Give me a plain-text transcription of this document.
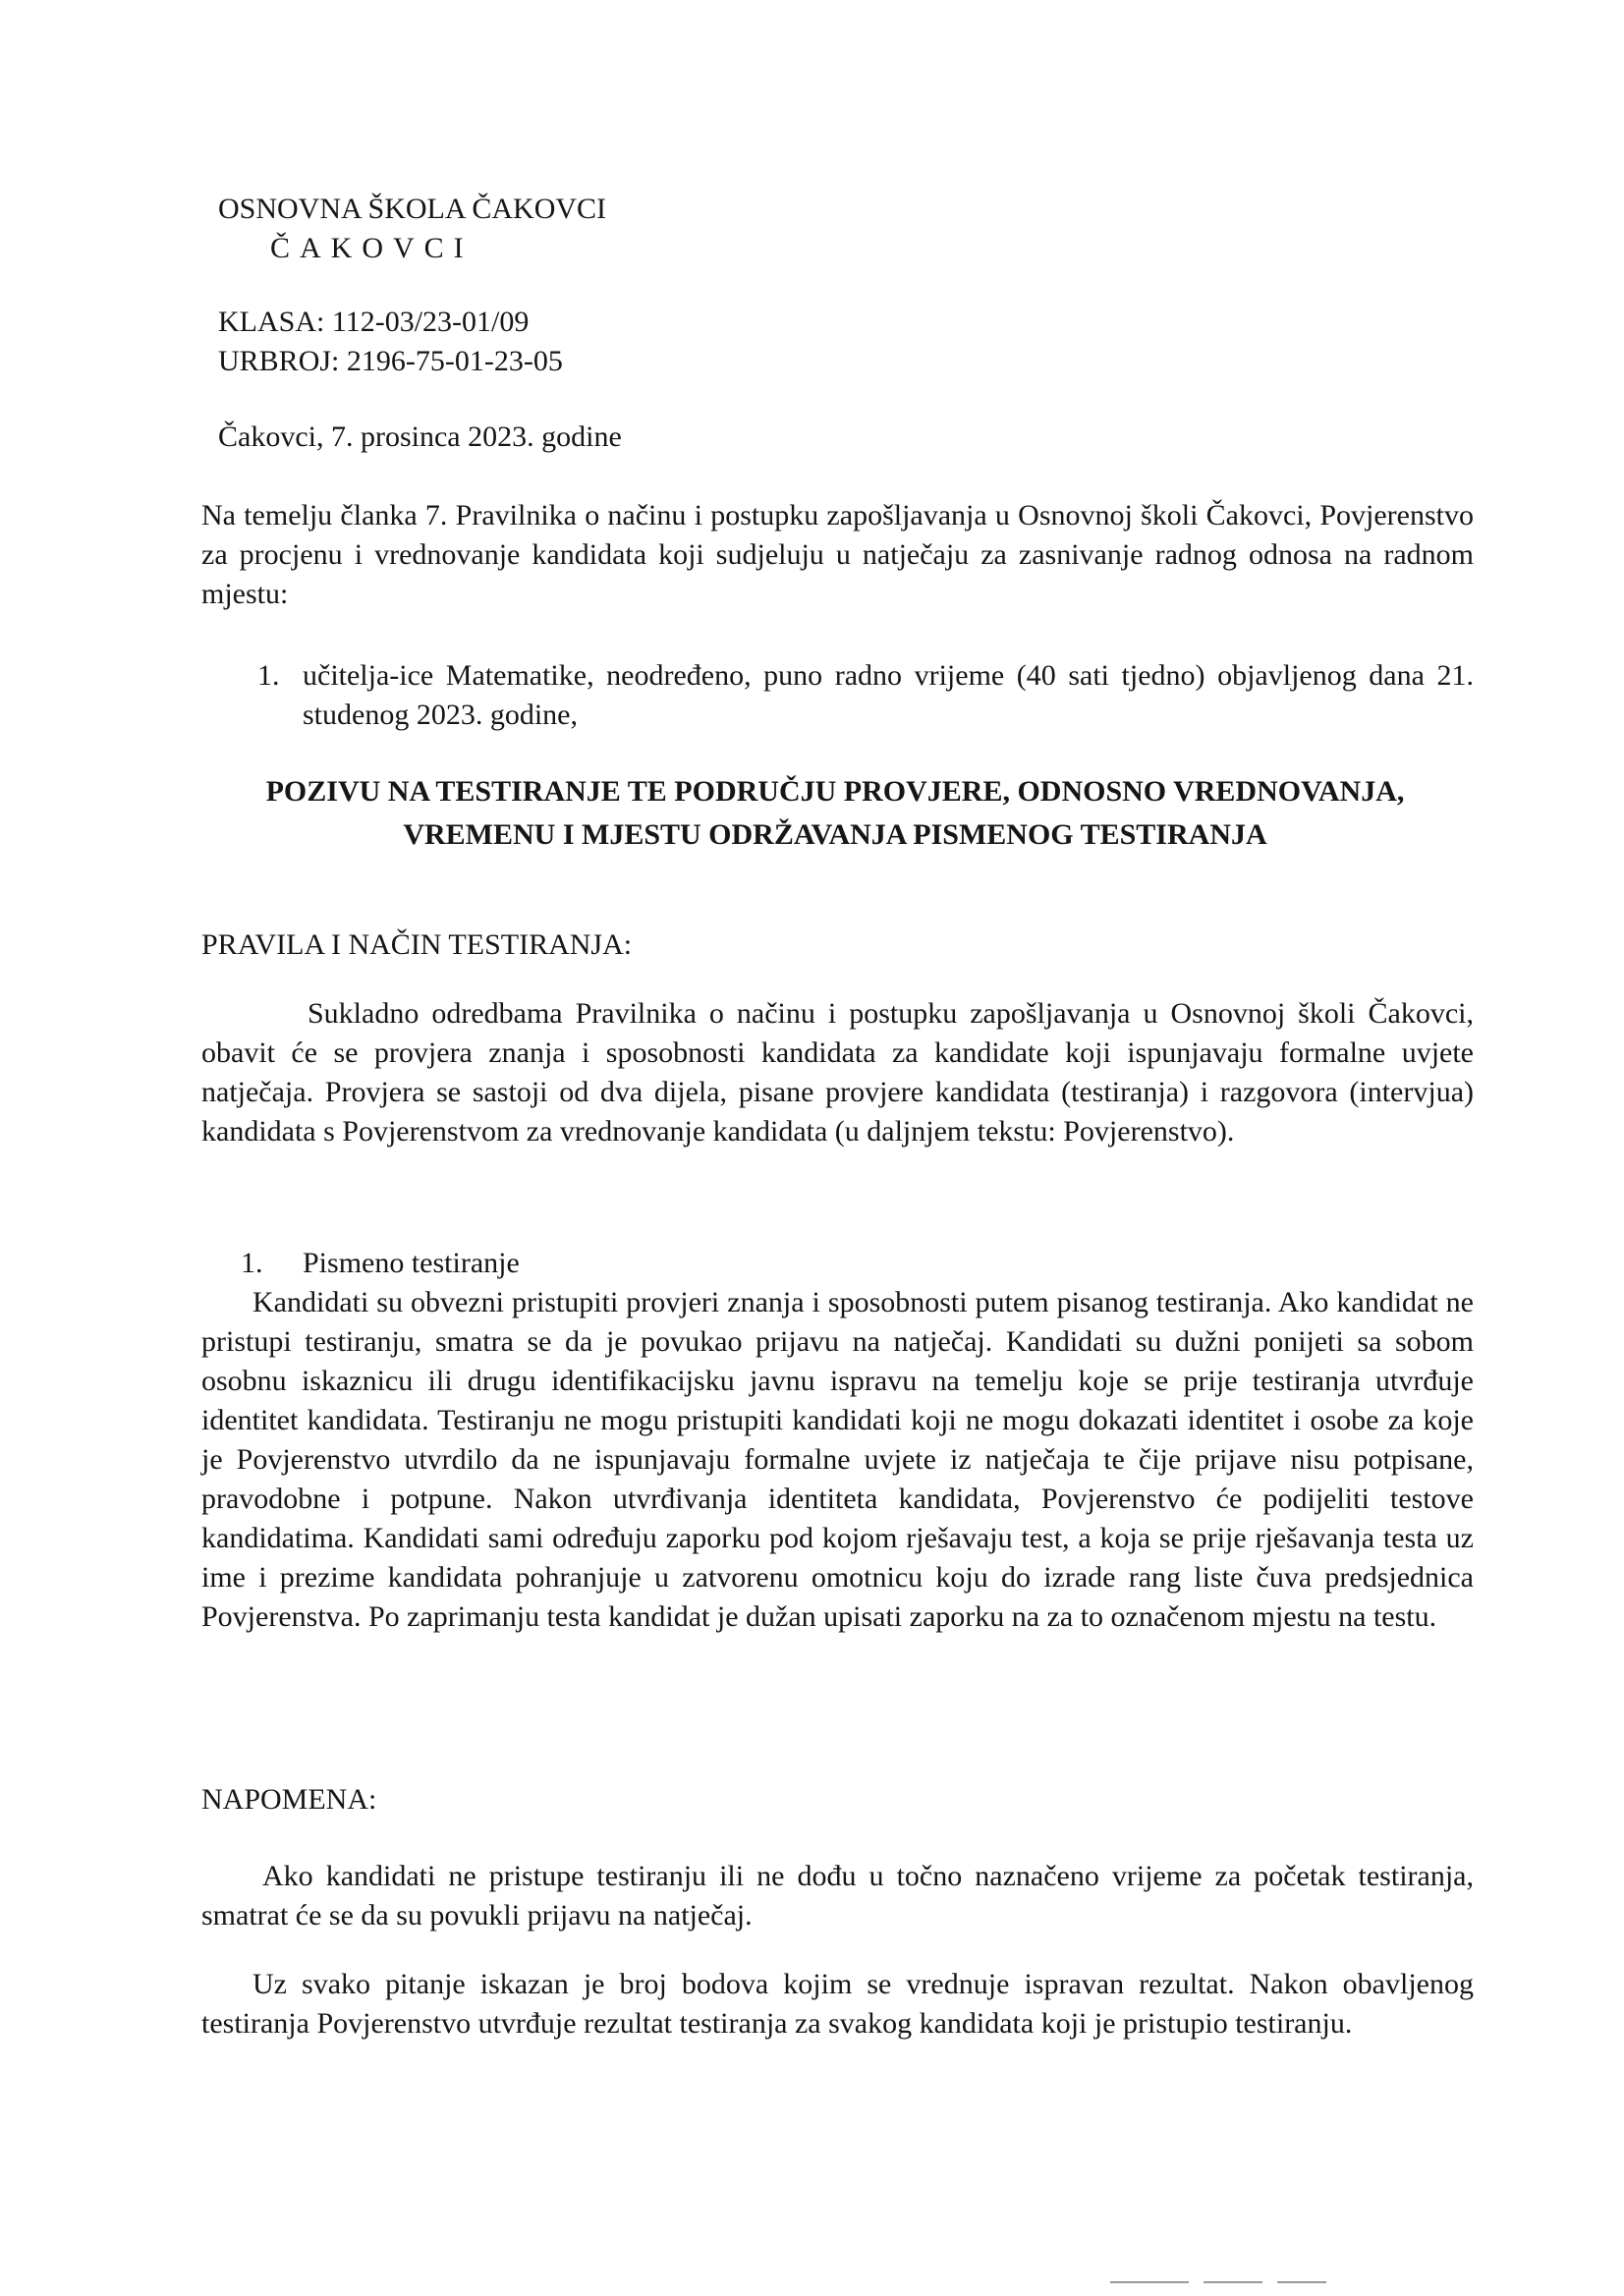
OSNOVNA ŠKOLA ČAKOVCI
ČAKOVCI
KLASA: 112-03/23-01/09
URBROJ: 2196-75-01-23-05
Čakovci, 7. prosinca 2023. godine

Na temelju članka 7. Pravilnika o načinu i postupku zapošljavanja u Osnovnoj školi Čakovci, Povjerenstvo za procjenu i vrednovanje kandidata koji sudjeluju u natječaju za zasnivanje radnog odnosa na radnom mjestu:

1. učitelja-ice Matematike, neodređeno, puno radno vrijeme (40 sati tjedno) objavljenog dana 21. studenog 2023. godine,

POZIVU NA TESTIRANJE TE PODRUČJU PROVJERE, ODNOSNO VREDNOVANJA, VREMENU I MJESTU ODRŽAVANJA PISMENOG TESTIRANJA

PRAVILA I NAČIN TESTIRANJA:

Sukladno odredbama Pravilnika o načinu i postupku zapošljavanja u Osnovnoj školi Čakovci, obavit će se provjera znanja i sposobnosti kandidata za kandidate koji ispunjavaju formalne uvjete natječaja. Provjera se sastoji od dva dijela, pisane provjere kandidata (testiranja) i razgovora (intervjua) kandidata s Povjerenstvom za vrednovanje kandidata (u daljnjem tekstu: Povjerenstvo).

1. Pismeno testiranje

Kandidati su obvezni pristupiti provjeri znanja i sposobnosti putem pisanog testiranja. Ako kandidat ne pristupi testiranju, smatra se da je povukao prijavu na natječaj. Kandidati su dužni ponijeti sa sobom osobnu iskaznicu ili drugu identifikacijsku javnu ispravu na temelju koje se prije testiranja utvrđuje identitet kandidata. Testiranju ne mogu pristupiti kandidati koji ne mogu dokazati identitet i osobe za koje je Povjerenstvo utvrdilo da ne ispunjavaju formalne uvjete iz natječaja te čije prijave nisu potpisane, pravodobne i potpune. Nakon utvrđivanja identiteta kandidata, Povjerenstvo će podijeliti testove kandidatima. Kandidati sami određuju zaporku pod kojom rješavaju test, a koja se prije rješavanja testa uz ime i prezime kandidata pohranjuje u zatvorenu omotnicu koju do izrade rang liste čuva predsjednica Povjerenstva. Po zaprimanju testa kandidat je dužan upisati zaporku na za to označenom mjestu na testu.

NAPOMENA:

Ako kandidati ne pristupe testiranju ili ne dođu u točno naznačeno vrijeme za početak testiranja, smatrat će se da su povukli prijavu na natječaj.

Uz svako pitanje iskazan je broj bodova kojim se vrednuje ispravan rezultat. Nakon obavljenog testiranja Povjerenstvo utvrđuje rezultat testiranja za svakog kandidata koji je pristupio testiranju.
